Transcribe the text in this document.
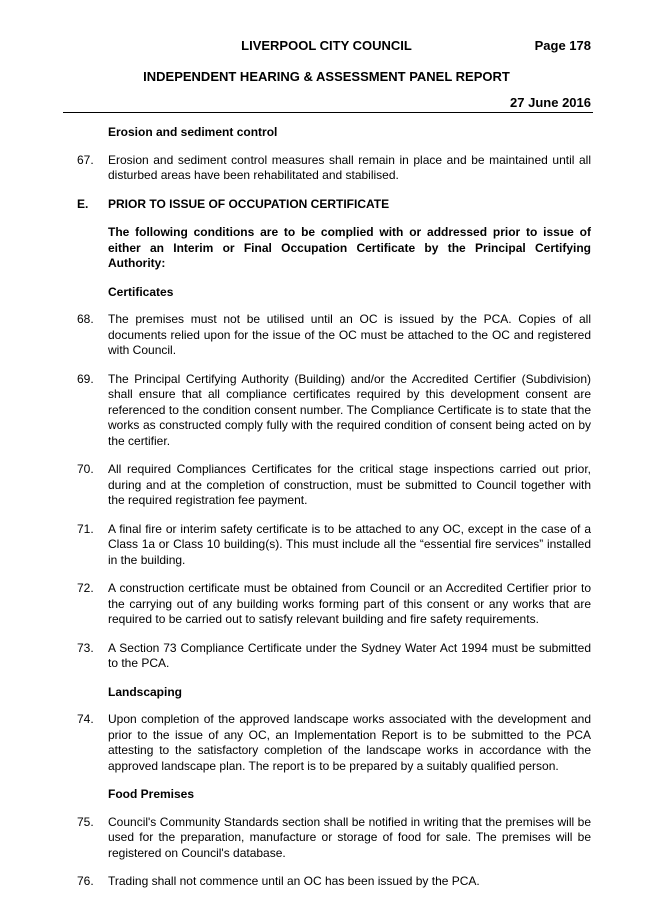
LIVERPOOL CITY COUNCIL	Page 178
INDEPENDENT HEARING & ASSESSMENT PANEL REPORT
27 June 2016
Erosion and sediment control
67.	Erosion and sediment control measures shall remain in place and be maintained until all disturbed areas have been rehabilitated and stabilised.
E.	PRIOR TO ISSUE OF OCCUPATION CERTIFICATE
The following conditions are to be complied with or addressed prior to issue of either an Interim or Final Occupation Certificate by the Principal Certifying Authority:
Certificates
68.	The premises must not be utilised until an OC is issued by the PCA. Copies of all documents relied upon for the issue of the OC must be attached to the OC and registered with Council.
69.	The Principal Certifying Authority (Building) and/or the Accredited Certifier (Subdivision) shall ensure that all compliance certificates required by this development consent are referenced to the condition consent number. The Compliance Certificate is to state that the works as constructed comply fully with the required condition of consent being acted on by the certifier.
70.	All required Compliances Certificates for the critical stage inspections carried out prior, during and at the completion of construction, must be submitted to Council together with the required registration fee payment.
71.	A final fire or interim safety certificate is to be attached to any OC, except in the case of a Class 1a or Class 10 building(s). This must include all the “essential fire services” installed in the building.
72.	A construction certificate must be obtained from Council or an Accredited Certifier prior to the carrying out of any building works forming part of this consent or any works that are required to be carried out to satisfy relevant building and fire safety requirements.
73.	A Section 73 Compliance Certificate under the Sydney Water Act 1994 must be submitted to the PCA.
Landscaping
74.	Upon completion of the approved landscape works associated with the development and prior to the issue of any OC, an Implementation Report is to be submitted to the PCA attesting to the satisfactory completion of the landscape works in accordance with the approved landscape plan. The report is to be prepared by a suitably qualified person.
Food Premises
75.	Council's Community Standards section shall be notified in writing that the premises will be used for the preparation, manufacture or storage of food for sale. The premises will be registered on Council's database.
76.	Trading shall not commence until an OC has been issued by the PCA.
